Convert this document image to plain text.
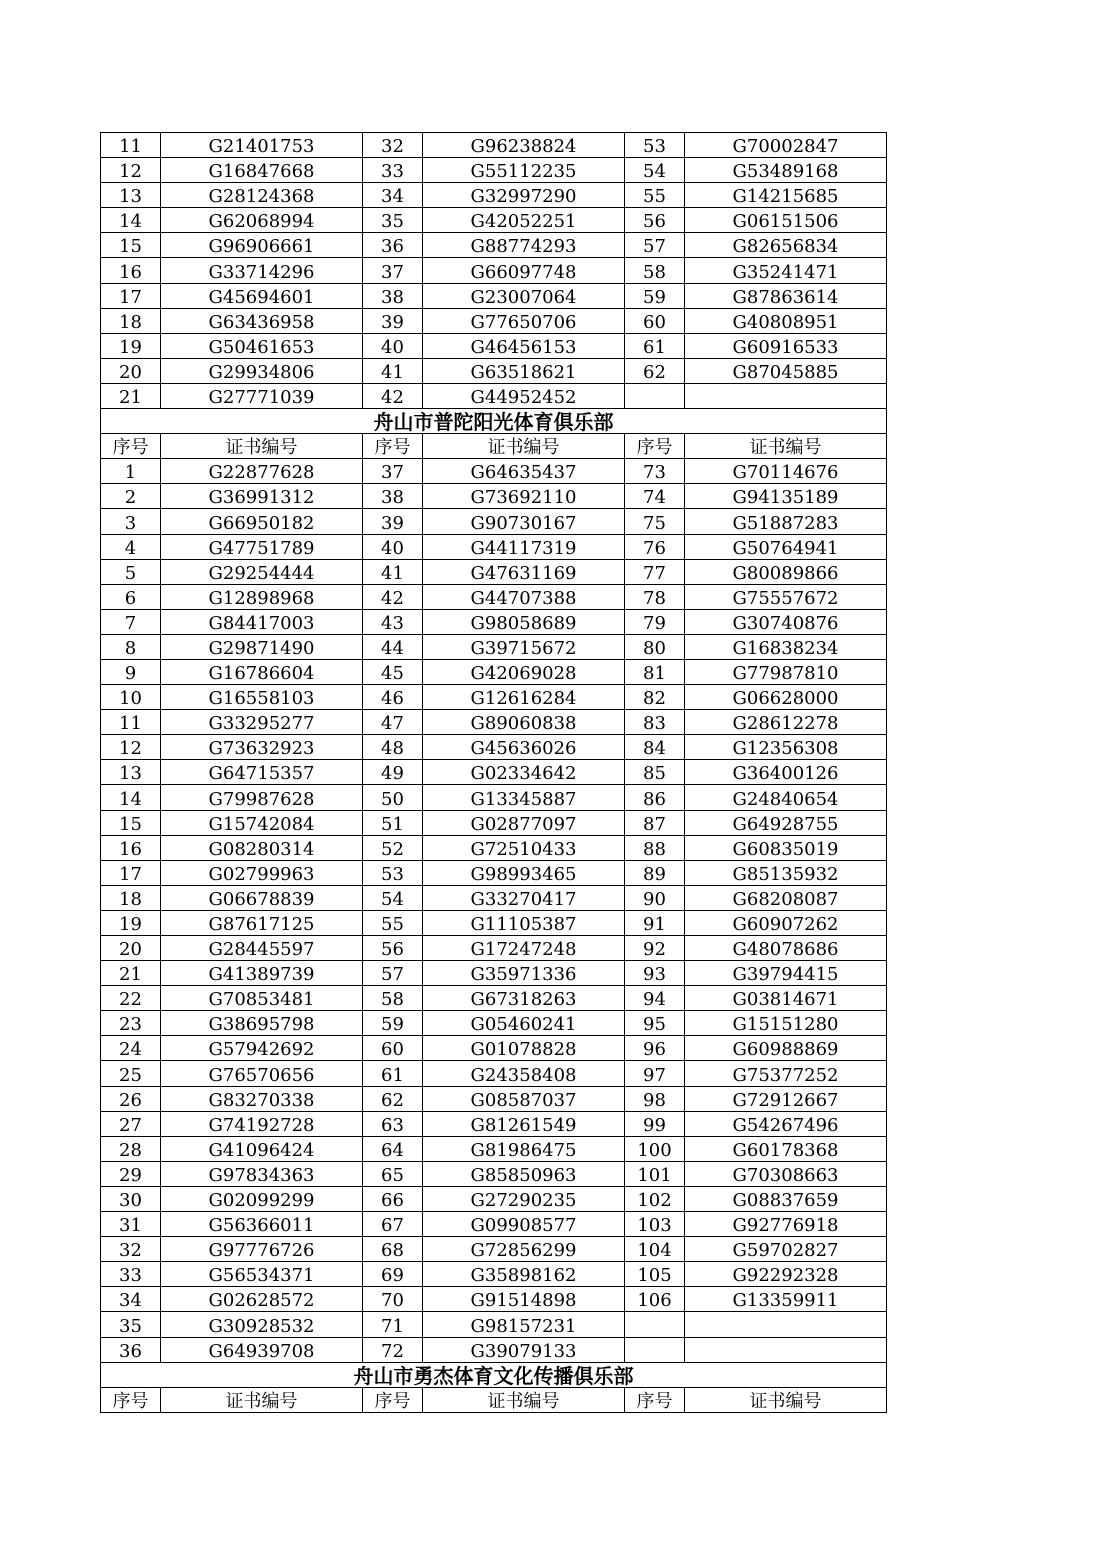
11	G21401753	32	G96238824	53	G70002847
12	G16847668	33	G55112235	54	G53489168
13	G28124368	34	G32997290	55	G14215685
14	G62068994	35	G42052251	56	G06151506
15	G96906661	36	G88774293	57	G82656834
16	G33714296	37	G66097748	58	G35241471
17	G45694601	38	G23007064	59	G87863614
18	G63436958	39	G77650706	60	G40808951
19	G50461653	40	G46456153	61	G60916533
20	G29934806	41	G63518621	62	G87045885
21	G27771039	42	G44952452		
舟山市普陀阳光体育俱乐部					
序号	证书编号	序号	证书编号	序号	证书编号
1	G22877628	37	G64635437	73	G70114676
2	G36991312	38	G73692110	74	G94135189
3	G66950182	39	G90730167	75	G51887283
4	G47751789	40	G44117319	76	G50764941
5	G29254444	41	G47631169	77	G80089866
6	G12898968	42	G44707388	78	G75557672
7	G84417003	43	G98058689	79	G30740876
8	G29871490	44	G39715672	80	G16838234
9	G16786604	45	G42069028	81	G77987810
10	G16558103	46	G12616284	82	G06628000
11	G33295277	47	G89060838	83	G28612278
12	G73632923	48	G45636026	84	G12356308
13	G64715357	49	G02334642	85	G36400126
14	G79987628	50	G13345887	86	G24840654
15	G15742084	51	G02877097	87	G64928755
16	G08280314	52	G72510433	88	G60835019
17	G02799963	53	G98993465	89	G85135932
18	G06678839	54	G33270417	90	G68208087
19	G87617125	55	G11105387	91	G60907262
20	G28445597	56	G17247248	92	G48078686
21	G41389739	57	G35971336	93	G39794415
22	G70853481	58	G67318263	94	G03814671
23	G38695798	59	G05460241	95	G15151280
24	G57942692	60	G01078828	96	G60988869
25	G76570656	61	G24358408	97	G75377252
26	G83270338	62	G08587037	98	G72912667
27	G74192728	63	G81261549	99	G54267496
28	G41096424	64	G81986475	100	G60178368
29	G97834363	65	G85850963	101	G70308663
30	G02099299	66	G27290235	102	G08837659
31	G56366011	67	G09908577	103	G92776918
32	G97776726	68	G72856299	104	G59702827
33	G56534371	69	G35898162	105	G92292328
34	G02628572	70	G91514898	106	G13359911
35	G30928532	71	G98157231		
36	G64939708	72	G39079133		
舟山市勇杰体育文化传播俱乐部					
序号	证书编号	序号	证书编号	序号	证书编号
